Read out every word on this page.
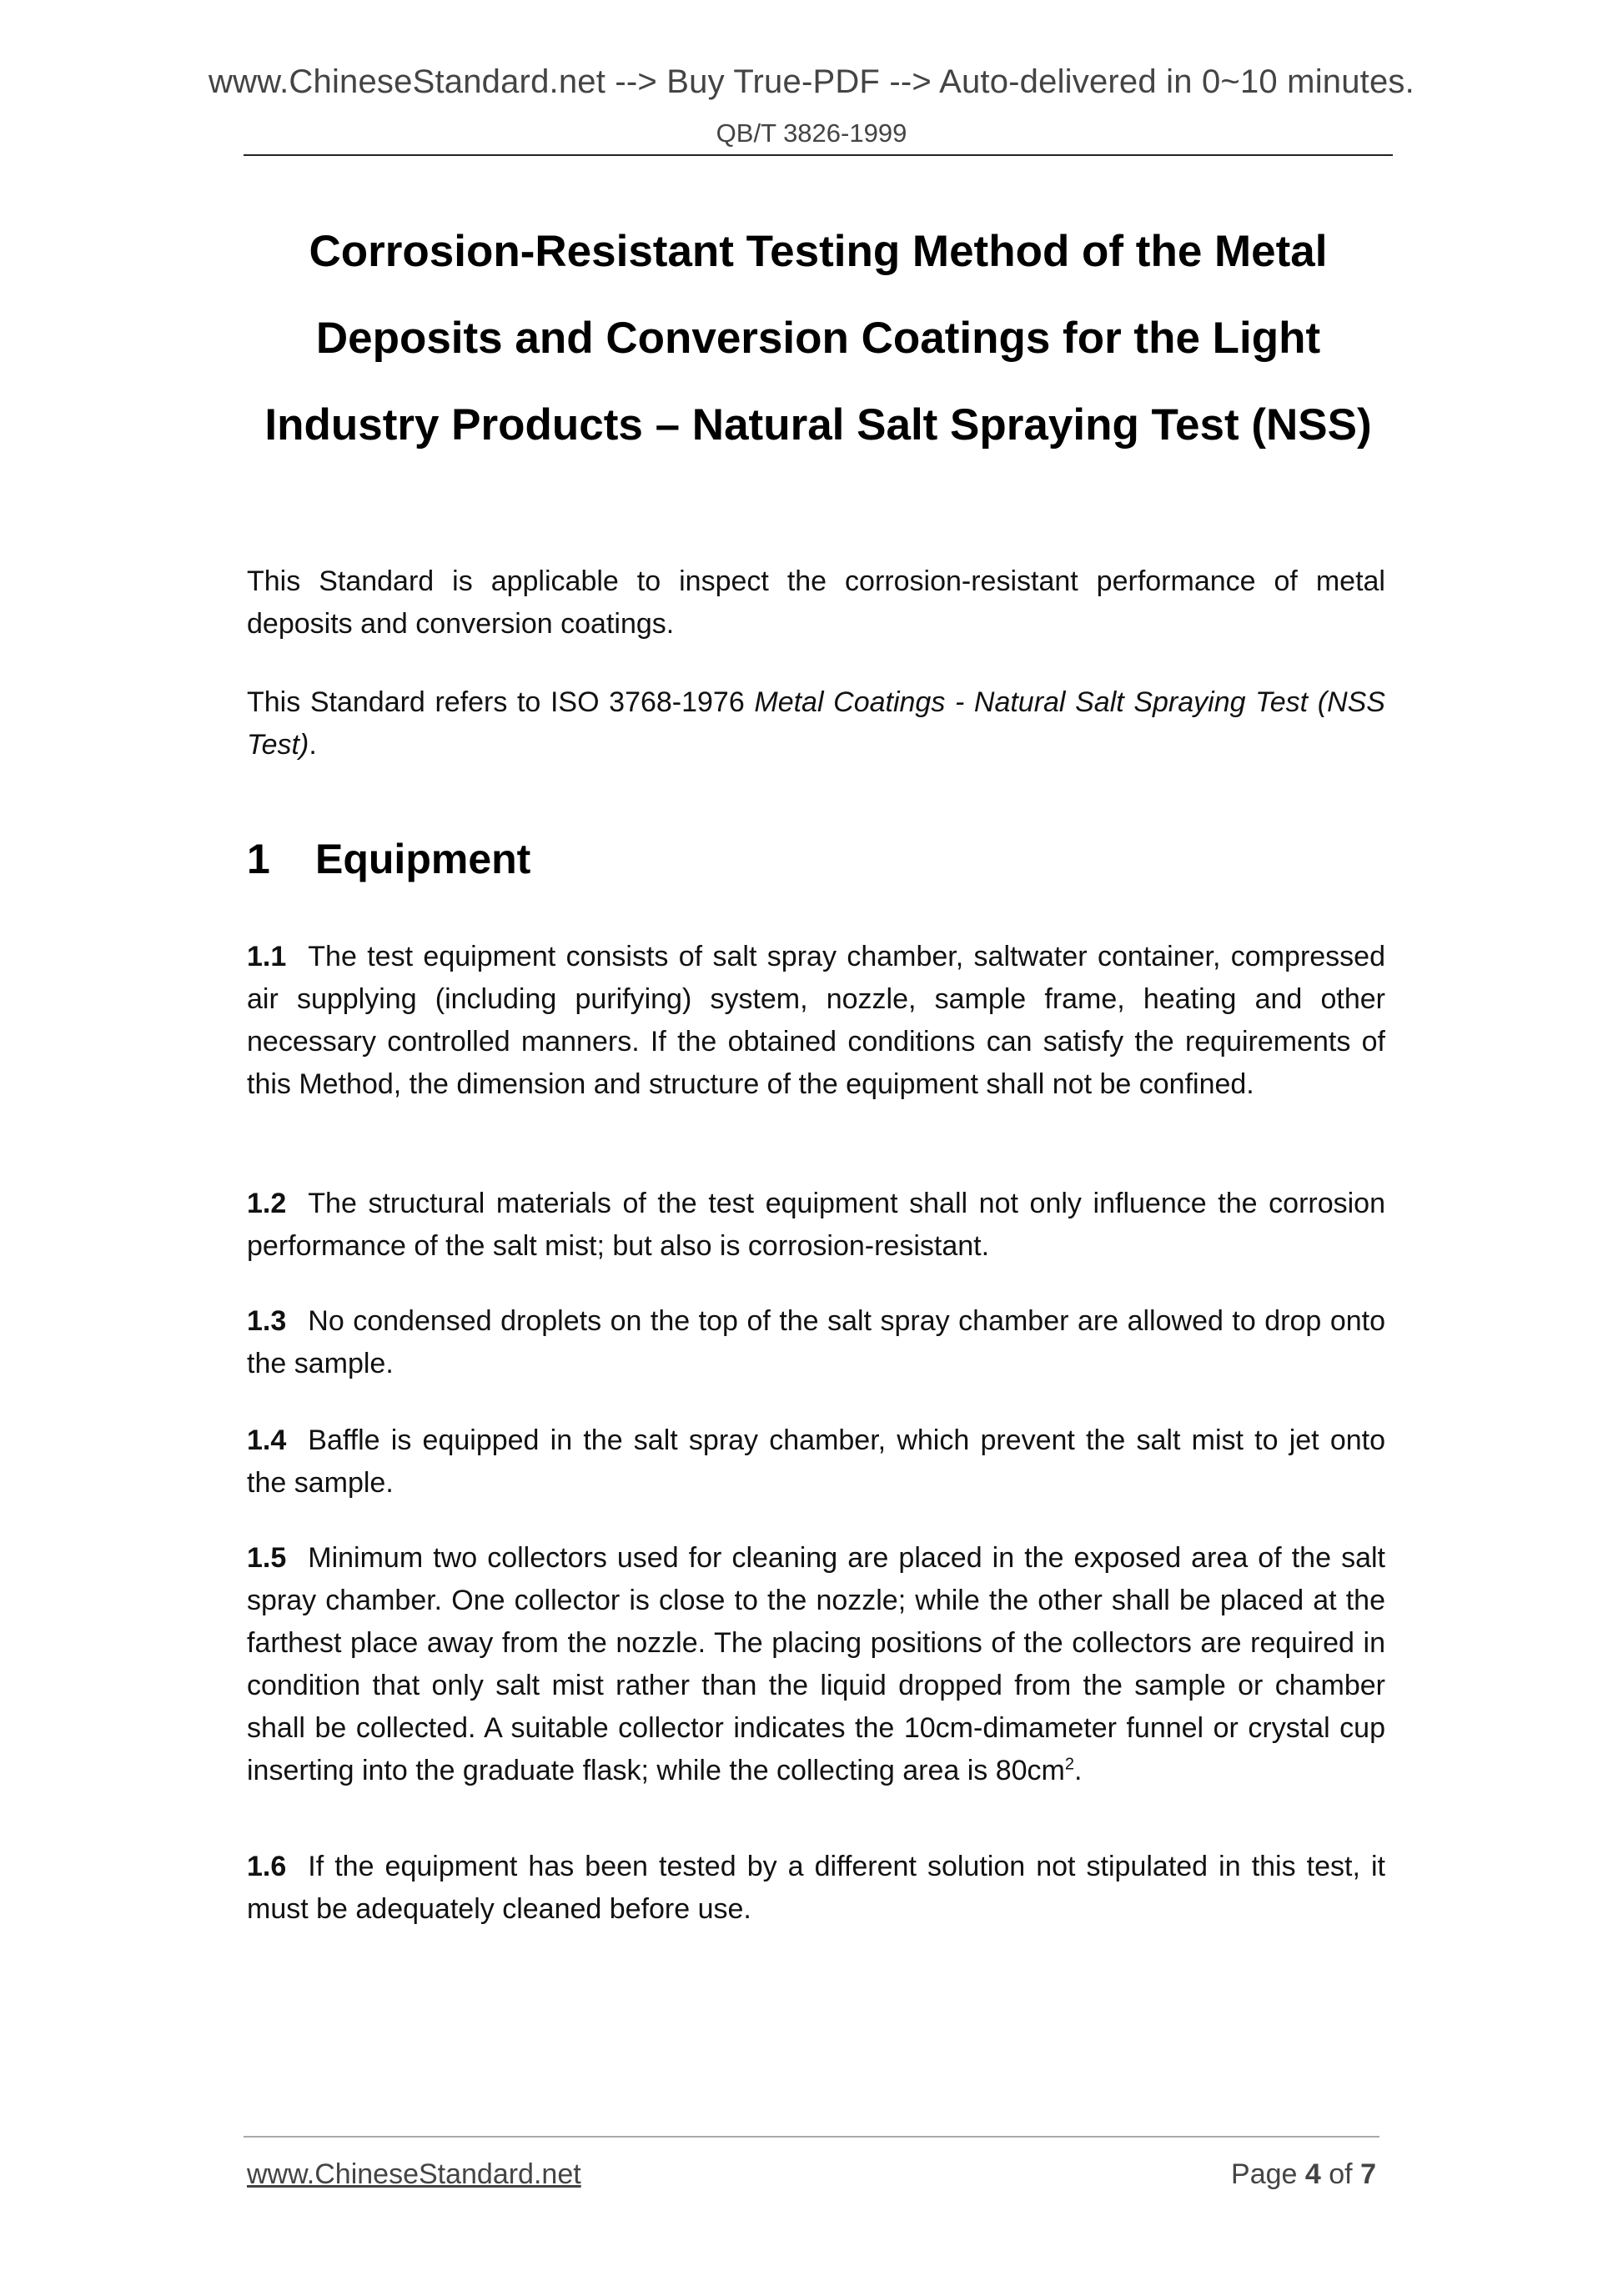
www.ChineseStandard.net --> Buy True-PDF --> Auto-delivered in 0~10 minutes.
QB/T 3826-1999
Corrosion-Resistant Testing Method of the Metal
Deposits and Conversion Coatings for the Light
Industry Products – Natural Salt Spraying Test (NSS)
This Standard is applicable to inspect the corrosion-resistant performance of metal deposits and conversion coatings.
This Standard refers to ISO 3768-1976 Metal Coatings - Natural Salt Spraying Test (NSS Test).
1 Equipment
1.1 The test equipment consists of salt spray chamber, saltwater container, compressed air supplying (including purifying) system, nozzle, sample frame, heating and other necessary controlled manners. If the obtained conditions can satisfy the requirements of this Method, the dimension and structure of the equipment shall not be confined.
1.2 The structural materials of the test equipment shall not only influence the corrosion performance of the salt mist; but also is corrosion-resistant.
1.3 No condensed droplets on the top of the salt spray chamber are allowed to drop onto the sample.
1.4 Baffle is equipped in the salt spray chamber, which prevent the salt mist to jet onto the sample.
1.5 Minimum two collectors used for cleaning are placed in the exposed area of the salt spray chamber. One collector is close to the nozzle; while the other shall be placed at the farthest place away from the nozzle. The placing positions of the collectors are required in condition that only salt mist rather than the liquid dropped from the sample or chamber shall be collected. A suitable collector indicates the 10cm-dimameter funnel or crystal cup inserting into the graduate flask; while the collecting area is $80cm^2$.
1.6 If the equipment has been tested by a different solution not stipulated in this test, it must be adequately cleaned before use.
www.ChineseStandard.net	Page 4 of 7
